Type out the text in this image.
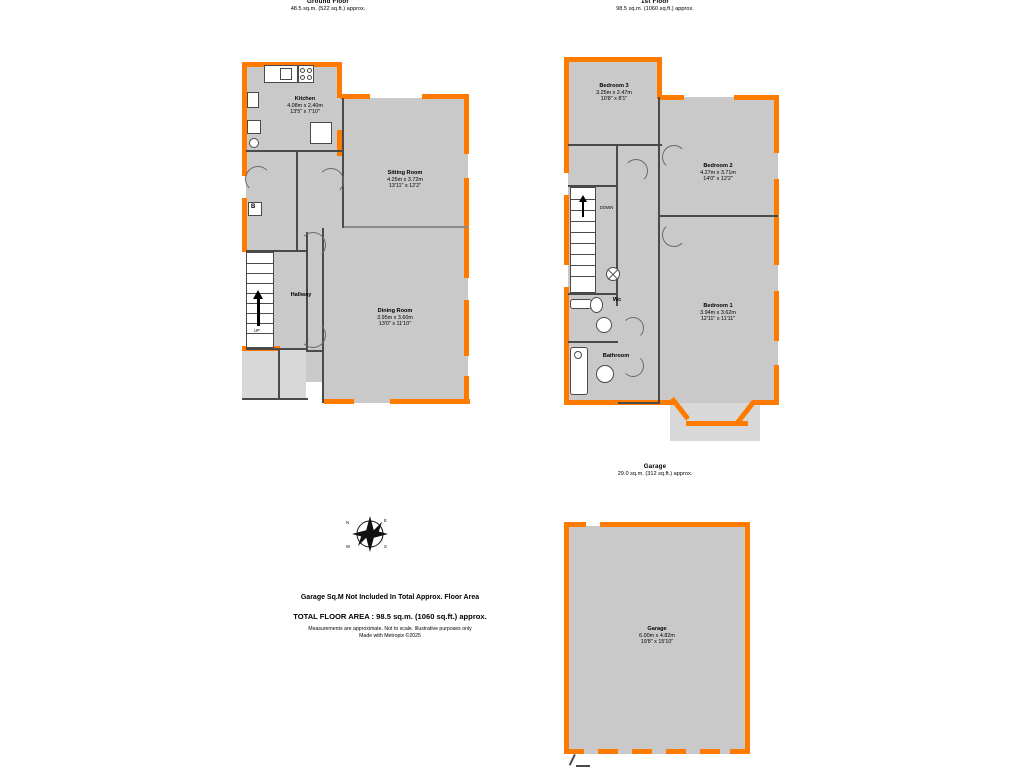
Ground Floor
48.5 sq.m. (522 sq.ft.) approx.
1st Floor
98.5 sq.m. (1060 sq.ft.) approx.
B
UP
Kitchen
4.08m x 2.40m
13'5" x 7'10"
Sitting Room
4.25m x 3.72m
13'11" x 12'2"
Dining Room
3.95m x 3.60m
13'0" x 11'10"
Hallway
DOWN
Bedroom 3
3.25m x 2.47m
10'8" x 8'1"
Bedroom 2
4.27m x 3.71m
14'0" x 12'2"
Bedroom 1
3.94m x 3.62m
12'11" x 11'11"
Wc
Bathroom
Garage
29.0 sq.m. (312 sq.ft.) approx.
Garage
6.00m x 4.82m
19'8" x 15'10"
N	E
S
W
Garage Sq.M Not Included In Total Approx. Floor Area
TOTAL FLOOR AREA : 98.5 sq.m. (1060 sq.ft.) approx.
Measurements are approximate. Not to scale. Illustrative purposes only
Made with Metropix ©2025
